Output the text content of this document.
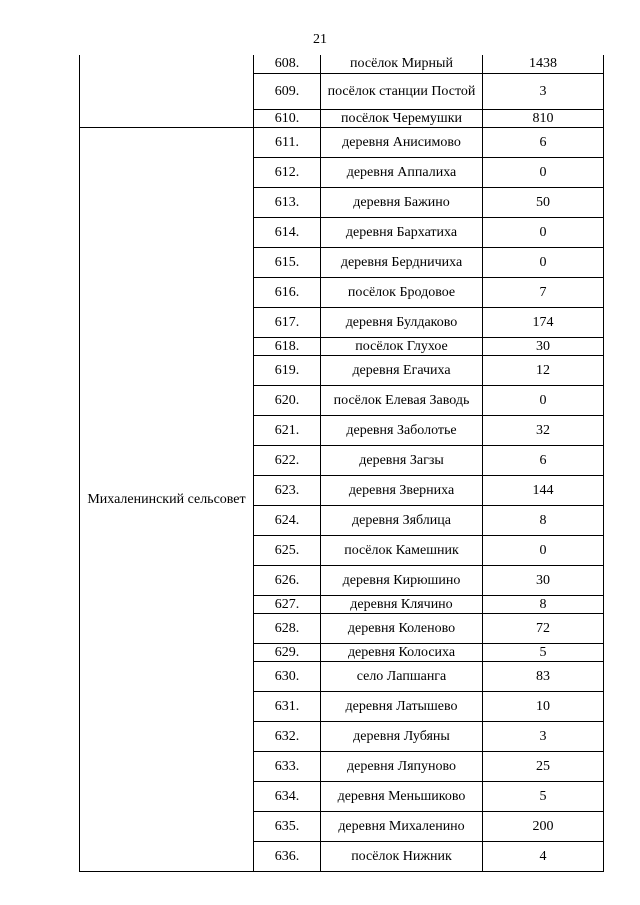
21
	608.	посёлок Мирный	1438
	609.	посёлок станции Постой	3
	610.	посёлок Черемушки	810
Михаленинский сельсовет	611.	деревня Анисимово	6
	612.	деревня Аппалиха	0
	613.	деревня Бажино	50
	614.	деревня Бархатиха	0
	615.	деревня Бердничиха	0
	616.	посёлок Бродовое	7
	617.	деревня Булдаково	174
	618.	посёлок Глухое	30
	619.	деревня Егачиха	12
	620.	посёлок Елевая Заводь	0
	621.	деревня Заболотье	32
	622.	деревня Загзы	6
	623.	деревня Зверниха	144
	624.	деревня Зяблица	8
	625.	посёлок Камешник	0
	626.	деревня Кирюшино	30
	627.	деревня Клячино	8
	628.	деревня Коленово	72
	629.	деревня Колосиха	5
	630.	село Лапшанга	83
	631.	деревня Латышево	10
	632.	деревня Лубяны	3
	633.	деревня Ляпуново	25
	634.	деревня Меньшиково	5
	635.	деревня Михаленино	200
	636.	посёлок Нижник	4
